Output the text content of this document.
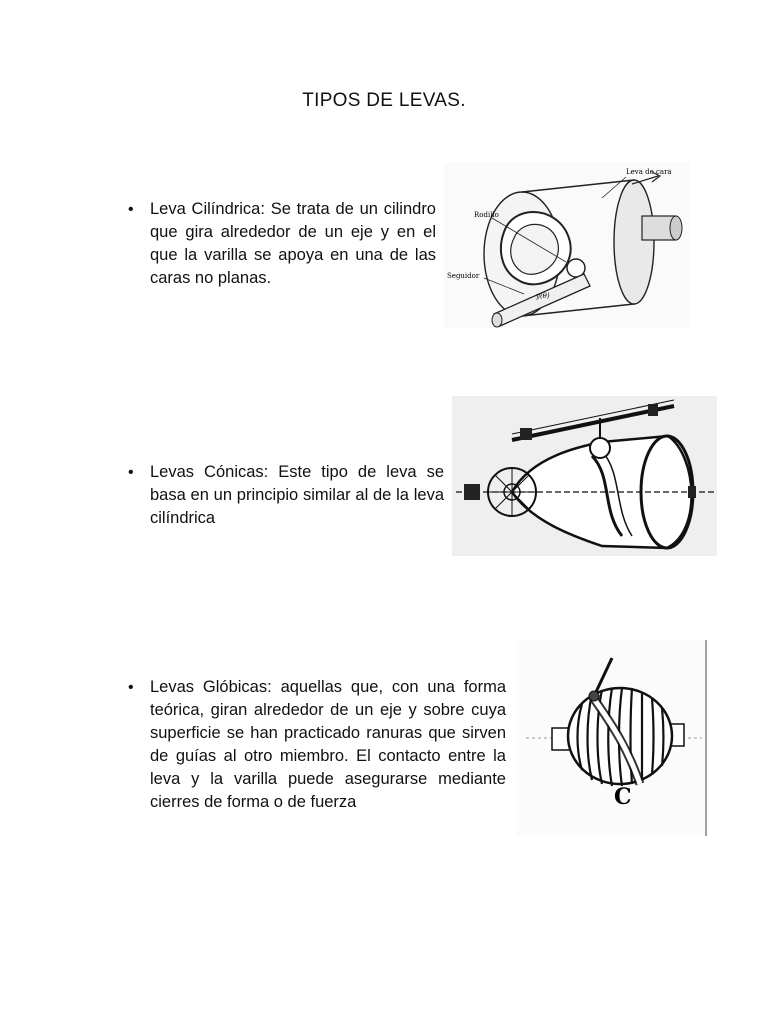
TIPOS DE LEVAS.
• Leva Cilíndrica: Se trata de un cilindro que gira alrededor de un eje y en el que la varilla se apoya en una de las caras no planas.
Leva de cara
Rodillo
Seguidor
y(θ)
• Levas Cónicas: Este tipo de leva se basa en un principio similar al de la leva cilíndrica
• Levas Glóbicas: aquellas que, con una forma teórica, giran alrededor de un eje y sobre cuya superficie se han practicado ranuras que sirven de guías al otro miembro. El contacto entre la leva y la varilla puede asegurarse mediante cierres de forma o de fuerza	C
